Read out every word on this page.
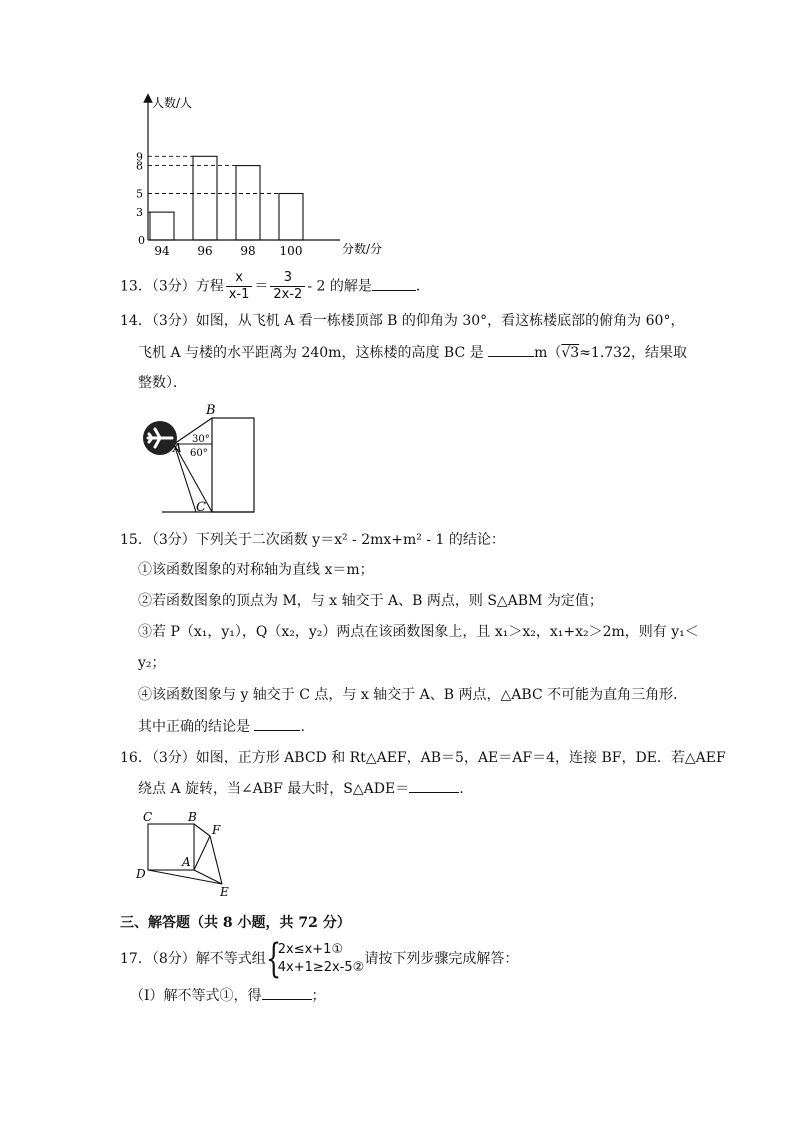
人数/人
分数/分
0
94 96 98 100
3
5
8
9
13．（3分）方程 $\frac{x}{x-1} = \frac{3}{2x-2} - 2$ 的解是	.
14．（3分）如图，从飞机 A 看一栋楼顶部 B 的仰角为 30°，看这栋楼底部的俯角为 60°，
飞机 A 与楼的水平距离为 240m，这栋楼的高度 BC 是	m（√3≈1.732，结果取
整数）．
B
A
C
30°
60°
15．（3分）下列关于二次函数 y＝x² - 2mx+m² - 1 的结论：
①该函数图象的对称轴为直线 x＝m；
②若函数图象的顶点为 M，与 x 轴交于 A、B 两点，则 S△ABM 为定值；
③若 P（x₁，y₁），Q（x₂，y₂）两点在该函数图象上，且 x₁＞x₂，x₁+x₂＞2m，则有 y₁＜
y₂；
④该函数图象与 y 轴交于 C 点，与 x 轴交于 A、B 两点，△ABC 不可能为直角三角形．
其中正确的结论是	.
16．（3分）如图，正方形 ABCD 和 Rt△AEF，AB＝5，AE＝AF＝4，连接 BF，DE．若△AEF
绕点 A 旋转，当∠ABF 最大时，S△ADE＝	.
C	B
F
A
D
E
三、解答题（共 8 小题，共 72 分）
17．（8分）解不等式组 {
2x≤x+1①
4x+1≥2x-5②
请按下列步骤完成解答：
（Ⅰ）解不等式①，得	；
